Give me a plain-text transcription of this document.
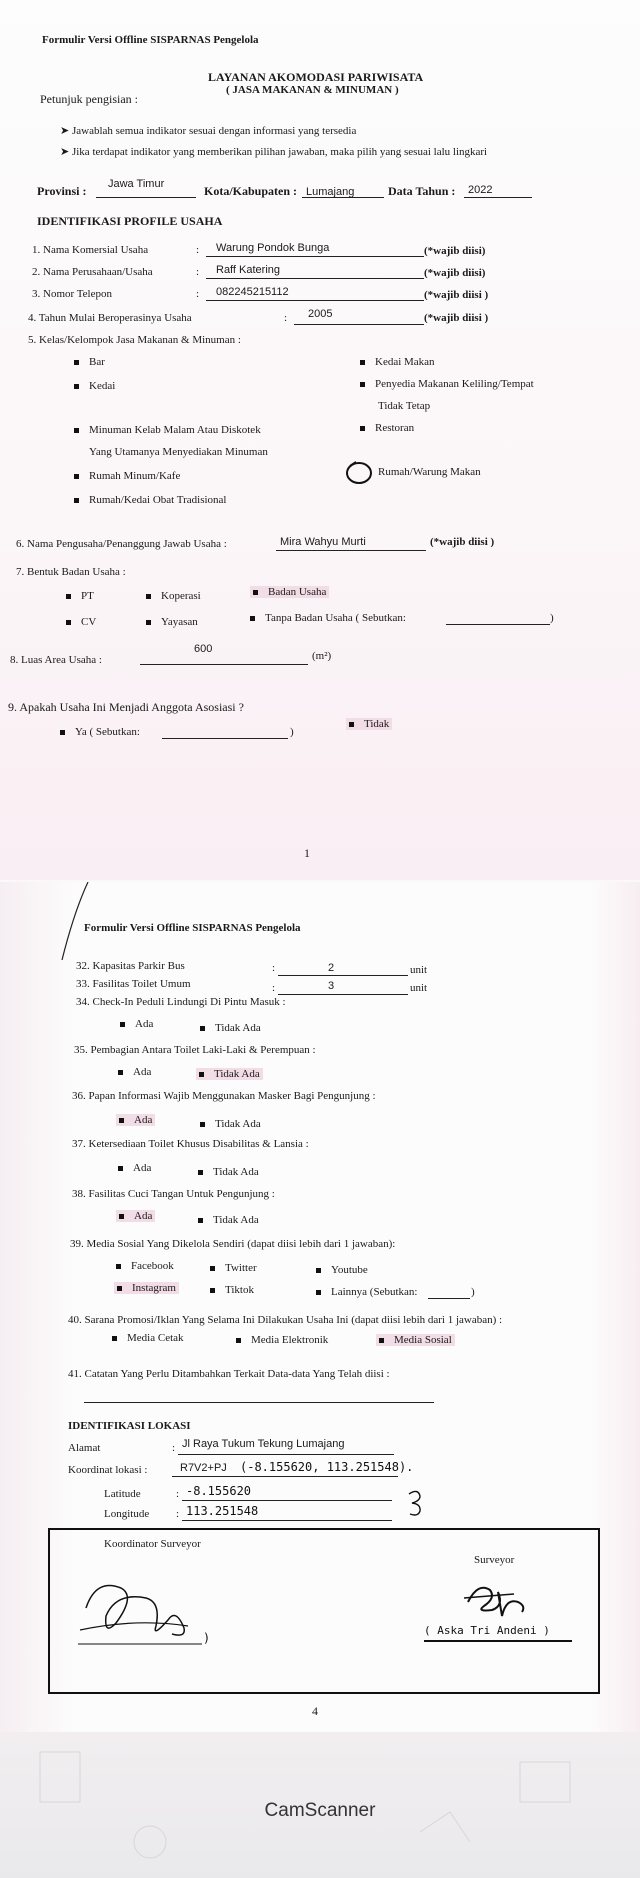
Formulir Versi Offline SISPARNAS Pengelola
LAYANAN AKOMODASI PARIWISATA
( JASA MAKANAN & MINUMAN )
Petunjuk pengisian :
➤ Jawablah semua indikator sesuai dengan informasi yang tersedia
➤ Jika terdapat indikator yang memberikan pilihan jawaban, maka pilih yang sesuai lalu lingkari
Provinsi : Jawa Timur	Kota/Kabupaten : Lumajang	Data Tahun : 2022
IDENTIFIKASI PROFILE USAHA
1. Nama Komersial Usaha	: Warung Pondok Bunga	(*wajib diisi)
2. Nama Perusahaan/Usaha	: Raff Katering	(*wajib diisi)
3. Nomor Telepon	: 082245215112	(*wajib diisi )
4. Tahun Mulai Beroperasinya Usaha	: 2005	(*wajib diisi )
5. Kelas/Kelompok Jasa Makanan & Minuman :
Bar
Kedai
Minuman Kelab Malam Atau Diskotek
Yang Utamanya Menyediakan Minuman
Rumah Minum/Kafe
Rumah/Kedai Obat Tradisional
Kedai Makan
Penyedia Makanan Keliling/Tempat
Tidak Tetap
Restoran
Rumah/Warung Makan
6. Nama Pengusaha/Penanggung Jawab Usaha :	Mira Wahyu Murti	(*wajib diisi )
7. Bentuk Badan Usaha :
PT	Koperasi	Badan Usaha
CV	Yayasan	Tanpa Badan Usaha ( Sebutkan:	)
8. Luas Area Usaha :
600
(m²)
9. Apakah Usaha Ini Menjadi Anggota Asosiasi ?
Ya ( Sebutkan:	)
Tidak
1
Formulir Versi Offline SISPARNAS Pengelola
32. Kapasitas Parkir Bus	:	2	unit
33. Fasilitas Toilet Umum	:	3	unit
34. Check-In Peduli Lindungi Di Pintu Masuk :
Ada	Tidak Ada
35. Pembagian Antara Toilet Laki-Laki & Perempuan :
Ada	Tidak Ada
36. Papan Informasi Wajib Menggunakan Masker Bagi Pengunjung :
Ada	Tidak Ada
37. Ketersediaan Toilet Khusus Disabilitas & Lansia :
Ada	Tidak Ada
38. Fasilitas Cuci Tangan Untuk Pengunjung :
Ada	Tidak Ada
39. Media Sosial Yang Dikelola Sendiri (dapat diisi lebih dari 1 jawaban):
Facebook	Twitter	Youtube
Instagram	Tiktok	Lainnya (Sebutkan:	)
40. Sarana Promosi/Iklan Yang Selama Ini Dilakukan Usaha Ini (dapat diisi lebih dari 1 jawaban) :
Media Cetak	Media Elektronik	Media Sosial
41. Catatan Yang Perlu Ditambahkan Terkait Data-data Yang Telah diisi :
IDENTIFIKASI LOKASI
Alamat	: Jl Raya Tukum Tekung Lumajang
Koordinat lokasi :	R7V2+PJ (-8.155620, 113.251548).
Latitude	: -8.155620
Longitude : 113.251548
Koordinator Surveyor
Surveyor
)
( Aska Tri Andeni )
4
CamScanner
